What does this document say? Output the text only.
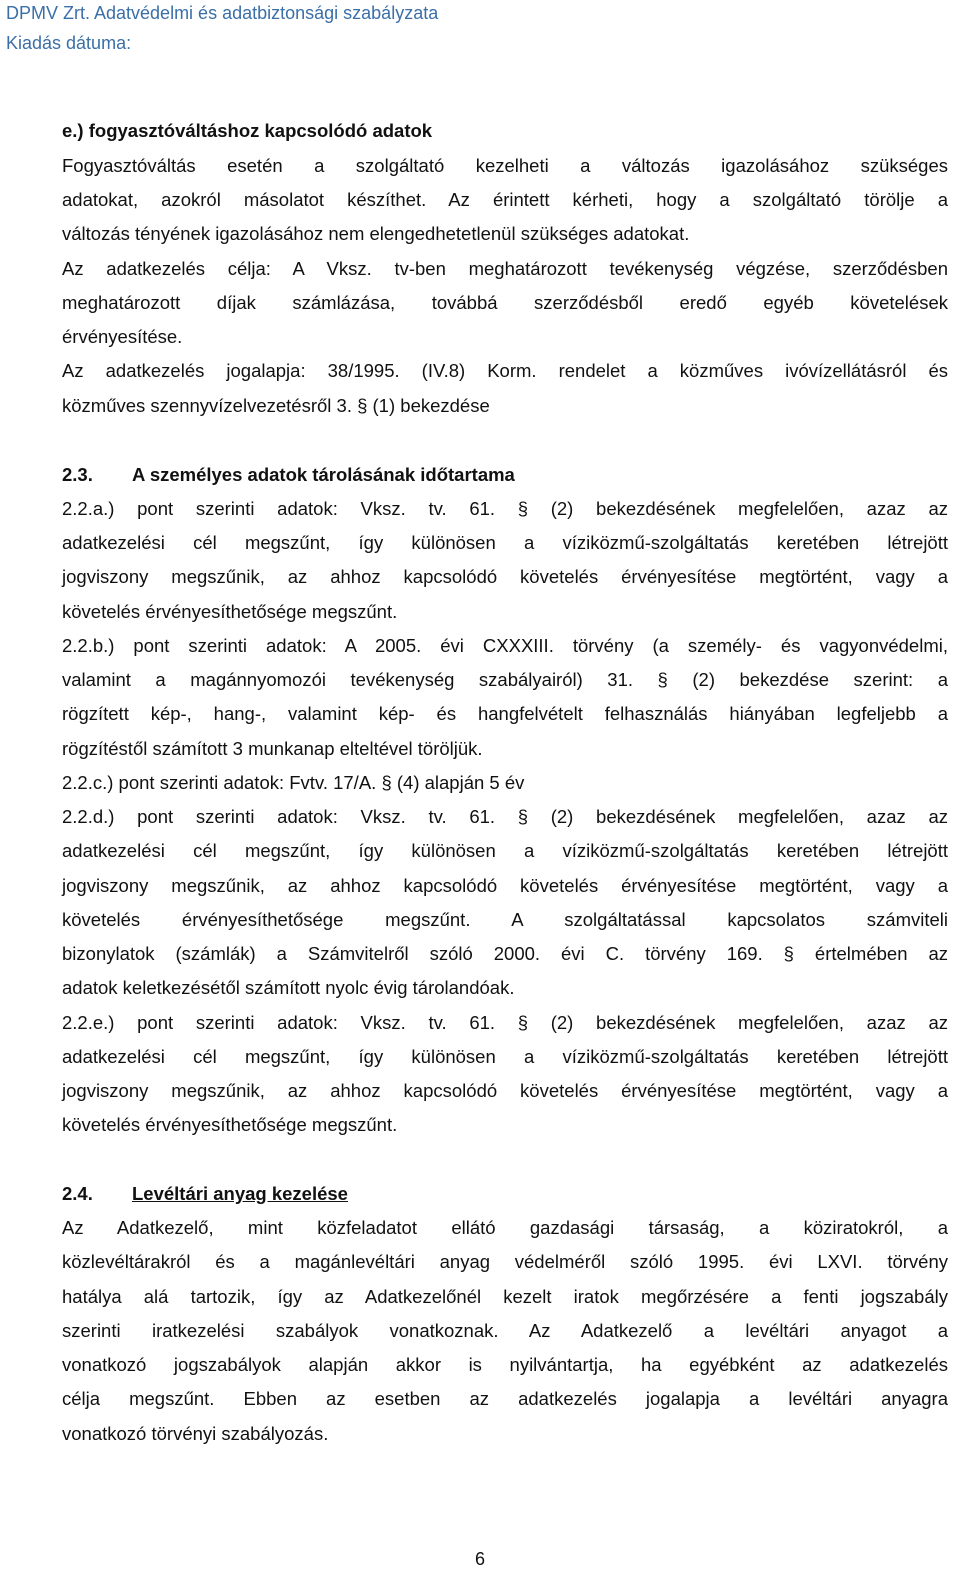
DPMV Zrt. Adatvédelmi és adatbiztonsági szabályzata
Kiadás dátuma:
e.) fogyasztóváltáshoz kapcsolódó adatok
Fogyasztóváltás esetén a szolgáltató kezelheti a változás igazolásához szükséges
adatokat, azokról másolatot készíthet. Az érintett kérheti, hogy a szolgáltató törölje a
változás tényének igazolásához nem elengedhetetlenül szükséges adatokat.
Az adatkezelés célja: A Vksz. tv-ben meghatározott tevékenység végzése, szerződésben
meghatározott díjak számlázása, továbbá szerződésből eredő egyéb követelések
érvényesítése.
Az adatkezelés jogalapja: 38/1995. (IV.8) Korm. rendelet a közműves ivóvízellátásról és
közműves szennyvízelvezetésről 3. § (1) bekezdése
2.3. A személyes adatok tárolásának időtartama
2.2.a.) pont szerinti adatok: Vksz. tv. 61. § (2) bekezdésének megfelelően, azaz az
adatkezelési cél megszűnt, így különösen a víziközmű-szolgáltatás keretében létrejött
jogviszony megszűnik, az ahhoz kapcsolódó követelés érvényesítése megtörtént, vagy a
követelés érvényesíthetősége megszűnt.
2.2.b.) pont szerinti adatok: A 2005. évi CXXXIII. törvény (a személy- és vagyonvédelmi,
valamint a magánnyomozói tevékenység szabályairól) 31. § (2) bekezdése szerint: a
rögzített kép-, hang-, valamint kép- és hangfelvételt felhasználás hiányában legfeljebb a
rögzítéstől számított 3 munkanap elteltével töröljük.
2.2.c.) pont szerinti adatok: Fvtv. 17/A. § (4) alapján 5 év
2.2.d.) pont szerinti adatok: Vksz. tv. 61. § (2) bekezdésének megfelelően, azaz az
adatkezelési cél megszűnt, így különösen a víziközmű-szolgáltatás keretében létrejött
jogviszony megszűnik, az ahhoz kapcsolódó követelés érvényesítése megtörtént, vagy a
követelés érvényesíthetősége megszűnt. A szolgáltatással kapcsolatos számviteli
bizonylatok (számlák) a Számvitelről szóló 2000. évi C. törvény 169. § értelmében az
adatok keletkezésétől számított nyolc évig tárolandóak.
2.2.e.) pont szerinti adatok: Vksz. tv. 61. § (2) bekezdésének megfelelően, azaz az
adatkezelési cél megszűnt, így különösen a víziközmű-szolgáltatás keretében létrejött
jogviszony megszűnik, az ahhoz kapcsolódó követelés érvényesítése megtörtént, vagy a
követelés érvényesíthetősége megszűnt.
2.4. Levéltári anyag kezelése
Az Adatkezelő, mint közfeladatot ellátó gazdasági társaság, a köziratokról, a
közlevéltárakról és a magánlevéltári anyag védelméről szóló 1995. évi LXVI. törvény
hatálya alá tartozik, így az Adatkezelőnél kezelt iratok megőrzésére a fenti jogszabály
szerinti iratkezelési szabályok vonatkoznak. Az Adatkezelő a levéltári anyagot a
vonatkozó jogszabályok alapján akkor is nyilvántartja, ha egyébként az adatkezelés
célja megszűnt. Ebben az esetben az adatkezelés jogalapja a levéltári anyagra
vonatkozó törvényi szabályozás.
6
